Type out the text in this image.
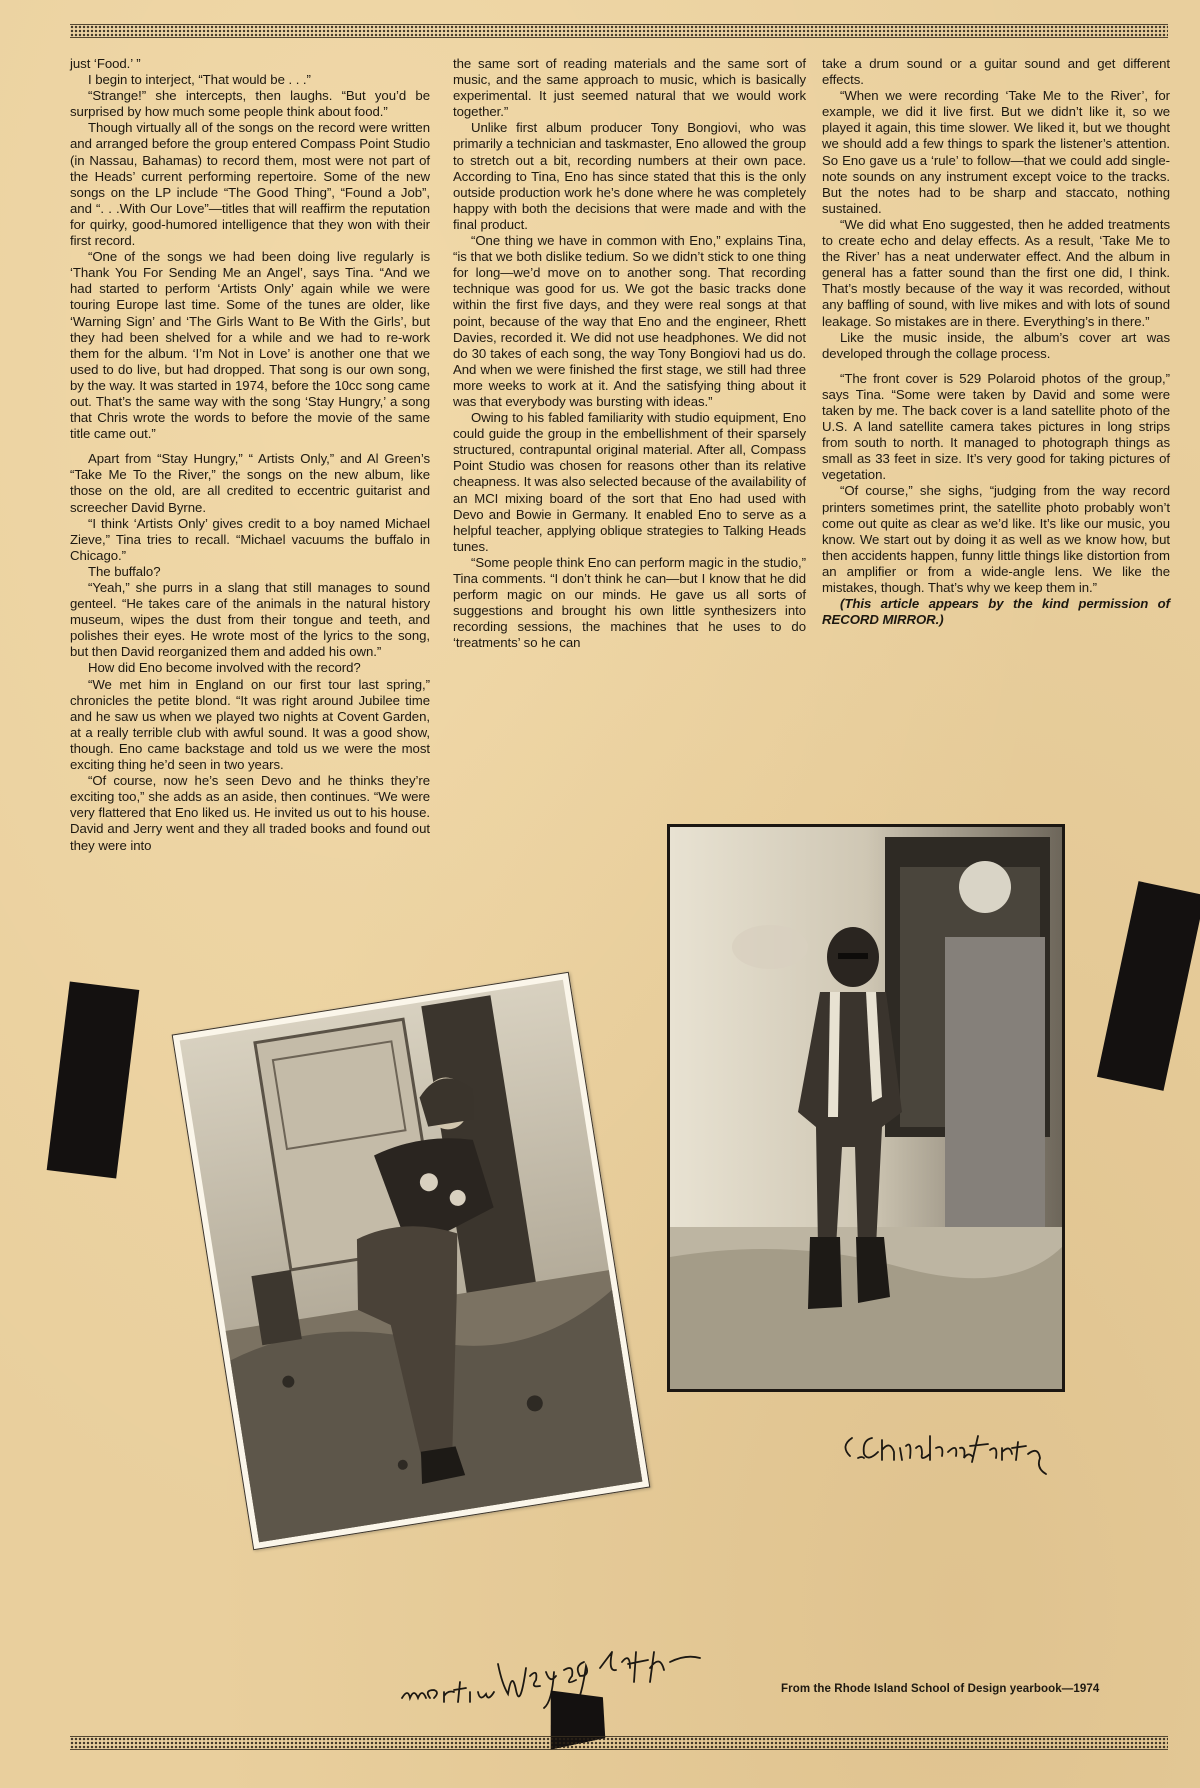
just ‘Food.’ ”

I begin to interject, “That would be . . .”

“Strange!” she intercepts, then laughs. “But you’d be surprised by how much some people think about food.”

Though virtually all of the songs on the record were written and arranged before the group entered Compass Point Studio (in Nassau, Bahamas) to record them, most were not part of the Heads’ current performing repertoire. Some of the new songs on the LP include “The Good Thing”, “Found a Job”, and “. . .With Our Love”—titles that will reaffirm the reputation for quirky, good-humored intelligence that they won with their first record.

“One of the songs we had been doing live regularly is ‘Thank You For Sending Me an Angel’, says Tina. “And we had started to perform ‘Artists Only’ again while we were touring Europe last time. Some of the tunes are older, like ‘Warning Sign’ and ‘The Girls Want to Be With the Girls’, but they had been shelved for a while and we had to re-work them for the album. ‘I’m Not in Love’ is another one that we used to do live, but had dropped. That song is our own song, by the way. It was started in 1974, before the 10cc song came out. That’s the same way with the song ‘Stay Hungry,’ a song that Chris wrote the words to before the movie of the same title came out.”

Apart from “Stay Hungry,” “ Artists Only,” and Al Green’s “Take Me To the River,” the songs on the new album, like those on the old, are all credited to eccentric guitarist and screecher David Byrne.

“I think ‘Artists Only’ gives credit to a boy named Michael Zieve,” Tina tries to recall. “Michael vacuums the buffalo in Chicago.”

The buffalo?

“Yeah,” she purrs in a slang that still manages to sound genteel. “He takes care of the animals in the natural history museum, wipes the dust from their tongue and teeth, and polishes their eyes. He wrote most of the lyrics to the song, but then David reorganized them and added his own.”

How did Eno become involved with the record?

“We met him in England on our first tour last spring,” chronicles the petite blond. “It was right around Jubilee time and he saw us when we played two nights at Covent Garden, at a really terrible club with awful sound. It was a good show, though. Eno came backstage and told us we were the most exciting thing he’d seen in two years.

“Of course, now he’s seen Devo and he thinks they’re exciting too,” she adds as an aside, then continues. “We were very flattered that Eno liked us. He invited us out to his house. David and Jerry went and they all traded books and found out they were into

the same sort of reading materials and the same sort of music, and the same approach to music, which is basically experimental. It just seemed natural that we would work together.”

Unlike first album producer Tony Bongiovi, who was primarily a technician and taskmaster, Eno allowed the group to stretch out a bit, recording numbers at their own pace. According to Tina, Eno has since stated that this is the only outside production work he’s done where he was completely happy with both the decisions that were made and with the final product.

“One thing we have in common with Eno,” explains Tina, “is that we both dislike tedium. So we didn’t stick to one thing for long—we’d move on to another song. That recording technique was good for us. We got the basic tracks done within the first five days, and they were real songs at that point, because of the way that Eno and the engineer, Rhett Davies, recorded it. We did not use headphones. We did not do 30 takes of each song, the way Tony Bongiovi had us do. And when we were finished the first stage, we still had three more weeks to work at it. And the satisfying thing about it was that everybody was bursting with ideas.”

Owing to his fabled familiarity with studio equipment, Eno could guide the group in the embellishment of their sparsely structured, contrapuntal original material. After all, Compass Point Studio was chosen for reasons other than its relative cheapness. It was also selected because of the availability of an MCI mixing board of the sort that Eno had used with Devo and Bowie in Germany. It enabled Eno to serve as a helpful teacher, applying oblique strategies to Talking Heads tunes.

“Some people think Eno can perform magic in the studio,” Tina comments. “I don’t think he can—but I know that he did perform magic on our minds. He gave us all sorts of suggestions and brought his own little synthesizers into recording sessions, the machines that he uses to do ‘treatments’ so he can

take a drum sound or a guitar sound and get different effects.

“When we were recording ‘Take Me to the River’, for example, we did it live first. But we didn’t like it, so we played it again, this time slower. We liked it, but we thought we should add a few things to spark the listener’s attention. So Eno gave us a ‘rule’ to follow—that we could add single-note sounds on any instrument except voice to the tracks. But the notes had to be sharp and staccato, nothing sustained.

“We did what Eno suggested, then he added treatments to create echo and delay effects. As a result, ‘Take Me to the River’ has a neat underwater effect. And the album in general has a fatter sound than the first one did, I think. That’s mostly because of the way it was recorded, without any baffling of sound, with live mikes and with lots of sound leakage. So mistakes are in there. Everything’s in there.”

Like the music inside, the album’s cover art was developed through the collage process.

“The front cover is 529 Polaroid photos of the group,” says Tina. “Some were taken by David and some were taken by me. The back cover is a land satellite photo of the U.S. A land satellite camera takes pictures in long strips from south to north. It managed to photograph things as small as 33 feet in size. It’s very good for taking pictures of vegetation.

“Of course,” she sighs, “judging from the way record printers sometimes print, the satellite photo probably won’t come out quite as clear as we’d like. It’s like our music, you know. We start out by doing it as well as we know how, but then accidents happen, funny little things like distortion from an amplifier or from a wide-angle lens. We like the mistakes, though. That’s why we keep them in.”

(This article appears by the kind permission of RECORD MIRROR.)

From the Rhode Island School of Design yearbook—1974
